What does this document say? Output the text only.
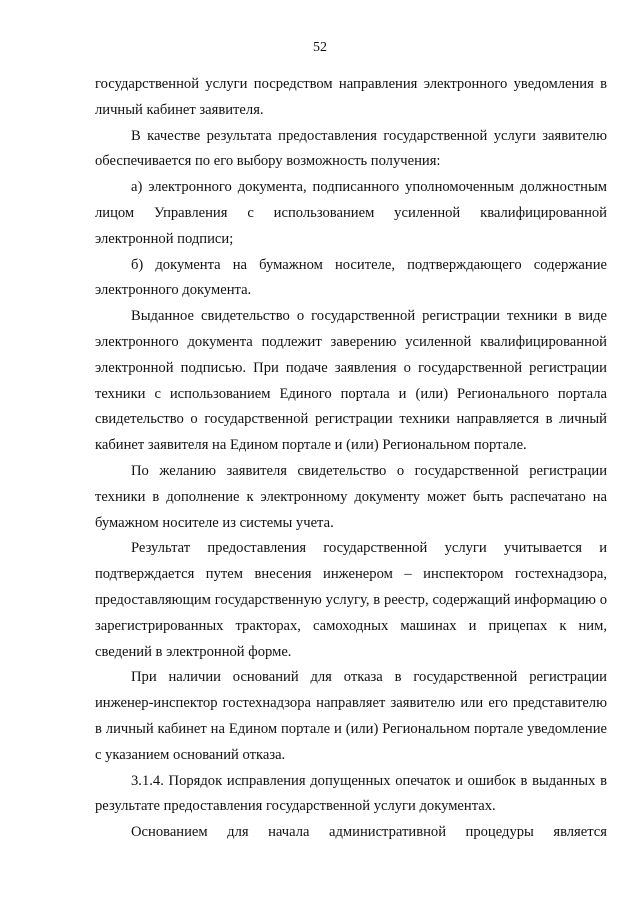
52

государственной услуги посредством направления электронного уведомления в личный кабинет заявителя.

В качестве результата предоставления государственной услуги заявителю обеспечивается по его выбору возможность получения:

а) электронного документа, подписанного уполномоченным должностным лицом Управления с использованием усиленной квалифицированной электронной подписи;

б) документа на бумажном носителе, подтверждающего содержание электронного документа.

Выданное свидетельство о государственной регистрации техники в виде электронного документа подлежит заверению усиленной квалифицированной электронной подписью. При подаче заявления о государственной регистрации техники с использованием Единого портала и (или) Регионального портала свидетельство о государственной регистрации техники направляется в личный кабинет заявителя на Едином портале и (или) Региональном портале.

По желанию заявителя свидетельство о государственной регистрации техники в дополнение к электронному документу может быть распечатано на бумажном носителе из системы учета.

Результат предоставления государственной услуги учитывается и подтверждается путем внесения инженером – инспектором гостехнадзора, предоставляющим государственную услугу, в реестр, содержащий информацию о зарегистрированных тракторах, самоходных машинах и прицепах к ним, сведений в электронной форме.

При наличии оснований для отказа в государственной регистрации инженер-инспектор гостехнадзора направляет заявителю или его представителю в личный кабинет на Едином портале и (или) Региональном портале уведомление с указанием оснований отказа.

3.1.4. Порядок исправления допущенных опечаток и ошибок в выданных в результате предоставления государственной услуги документах.

Основанием для начала административной процедуры является
